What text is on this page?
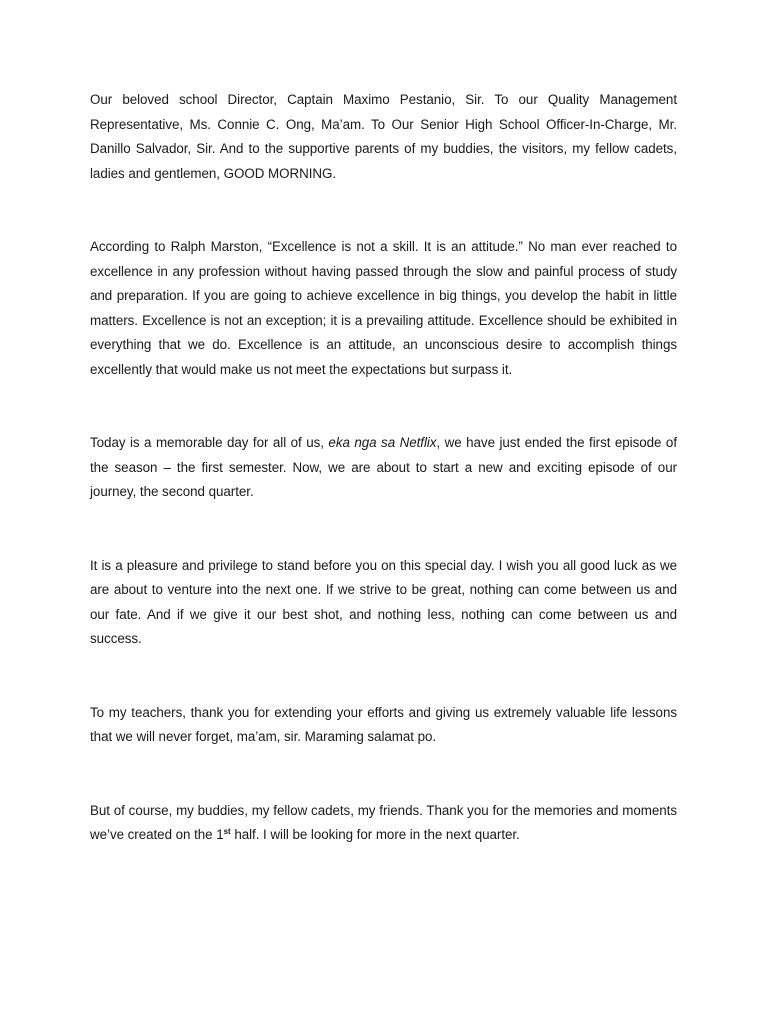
Our beloved school Director, Captain Maximo Pestanio, Sir. To our Quality Management Representative, Ms. Connie C. Ong, Ma’am. To Our Senior High School Officer-In-Charge, Mr. Danillo Salvador, Sir. And to the supportive parents of my buddies, the visitors, my fellow cadets, ladies and gentlemen, GOOD MORNING.

According to Ralph Marston, “Excellence is not a skill. It is an attitude.” No man ever reached to excellence in any profession without having passed through the slow and painful process of study and preparation. If you are going to achieve excellence in big things, you develop the habit in little matters. Excellence is not an exception; it is a prevailing attitude. Excellence should be exhibited in everything that we do. Excellence is an attitude, an unconscious desire to accomplish things excellently that would make us not meet the expectations but surpass it.

Today is a memorable day for all of us, eka nga sa Netflix, we have just ended the first episode of the season – the first semester. Now, we are about to start a new and exciting episode of our journey, the second quarter.

It is a pleasure and privilege to stand before you on this special day. I wish you all good luck as we are about to venture into the next one. If we strive to be great, nothing can come between us and our fate. And if we give it our best shot, and nothing less, nothing can come between us and success.

To my teachers, thank you for extending your efforts and giving us extremely valuable life lessons that we will never forget, ma’am, sir. Maraming salamat po.

But of course, my buddies, my fellow cadets, my friends. Thank you for the memories and moments we’ve created on the 1st half. I will be looking for more in the next quarter.
